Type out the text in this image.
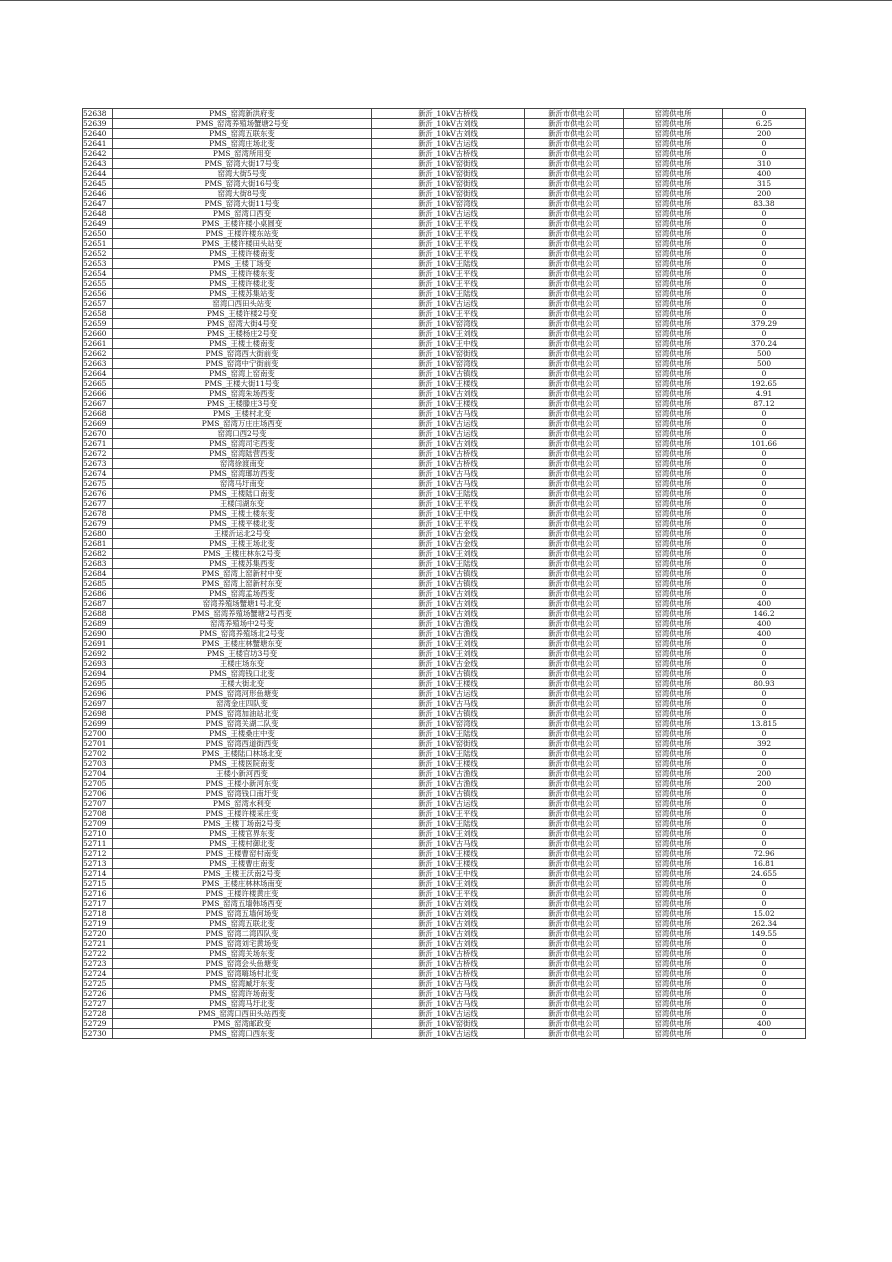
52638	PMS_窑湾新洪府变	新沂_10kV古桥线	新沂市供电公司	窑湾供电所	0
52639	PMS_窑湾养殖场蟹塘2号变	新沂_10kV古刘线	新沂市供电公司	窑湾供电所	6.25
52640	PMS_窑湾五联东变	新沂_10kV古刘线	新沂市供电公司	窑湾供电所	200
52641	PMS_窑湾庄场北变	新沂_10kV古运线	新沂市供电公司	窑湾供电所	0
52642	PMS_窑湾所用变	新沂_10kV古桥线	新沂市供电公司	窑湾供电所	0
52643	PMS_窑湾大街17号变	新沂_10kV窑街线	新沂市供电公司	窑湾供电所	310
52644	窑湾大街5号变	新沂_10kV窑街线	新沂市供电公司	窑湾供电所	400
52645	PMS_窑湾大街16号变	新沂_10kV窑街线	新沂市供电公司	窑湾供电所	315
52646	窑湾大街8号变	新沂_10kV窑街线	新沂市供电公司	窑湾供电所	200
52647	PMS_窑湾大街11号变	新沂_10kV窑湾线	新沂市供电公司	窑湾供电所	83.38
52648	PMS_窑湾口西变	新沂_10kV古运线	新沂市供电公司	窑湾供电所	0
52649	PMS_王楼许楼小桌圆变	新沂_10kV王平线	新沂市供电公司	窑湾供电所	0
52650	PMS_王楼许楼东站变	新沂_10kV王平线	新沂市供电公司	窑湾供电所	0
52651	PMS_王楼许楼田头站变	新沂_10kV王平线	新沂市供电公司	窑湾供电所	0
52652	PMS_王楼许楼南变	新沂_10kV王平线	新沂市供电公司	窑湾供电所	0
52653	PMS_王楼丁场变	新沂_10kV王陆线	新沂市供电公司	窑湾供电所	0
52654	PMS_王楼许楼东变	新沂_10kV王平线	新沂市供电公司	窑湾供电所	0
52655	PMS_王楼许楼北变	新沂_10kV王平线	新沂市供电公司	窑湾供电所	0
52656	PMS_王楼苏集站变	新沂_10kV王陆线	新沂市供电公司	窑湾供电所	0
52657	窑湾口西田头站变	新沂_10kV古运线	新沂市供电公司	窑湾供电所	0
52658	PMS_王楼许楼2号变	新沂_10kV王平线	新沂市供电公司	窑湾供电所	0
52659	PMS_窑湾大街4号变	新沂_10kV窑湾线	新沂市供电公司	窑湾供电所	379.29
52660	PMS_王楼杨庄2号变	新沂_10kV王刘线	新沂市供电公司	窑湾供电所	0
52661	PMS_王楼土楼南变	新沂_10kV王中线	新沂市供电公司	窑湾供电所	370.24
52662	PMS_窑湾西大街前变	新沂_10kV窑街线	新沂市供电公司	窑湾供电所	500
52663	PMS_窑湾中宁街前变	新沂_10kV窑湾线	新沂市供电公司	窑湾供电所	500
52664	PMS_窑湾上窑南变	新沂_10kV古镇线	新沂市供电公司	窑湾供电所	0
52665	PMS_王楼大街11号变	新沂_10kV王楼线	新沂市供电公司	窑湾供电所	192.65
52666	PMS_窑湾朱场西变	新沂_10kV古刘线	新沂市供电公司	窑湾供电所	4.91
52667	PMS_王楼滕庄3号变	新沂_10kV王楼线	新沂市供电公司	窑湾供电所	87.12
52668	PMS_王楼村北变	新沂_10kV古马线	新沂市供电公司	窑湾供电所	0
52669	PMS_窑湾万庄庄场西变	新沂_10kV古运线	新沂市供电公司	窑湾供电所	0
52670	窑湾口西2号变	新沂_10kV古运线	新沂市供电公司	窑湾供电所	0
52671	PMS_窑湾司宅西变	新沂_10kV古刘线	新沂市供电公司	窑湾供电所	101.66
52672	PMS_窑湾陆营西变	新沂_10kV古桥线	新沂市供电公司	窑湾供电所	0
52673	窑湾徐渡南变	新沂_10kV古桥线	新沂市供电公司	窑湾供电所	0
52674	PMS_窑湾瑯坊西变	新沂_10kV古马线	新沂市供电公司	窑湾供电所	0
52675	窑湾马圩南变	新沂_10kV古马线	新沂市供电公司	窑湾供电所	0
52676	PMS_王楼陆口南变	新沂_10kV王陆线	新沂市供电公司	窑湾供电所	0
52677	王楼闫湖东变	新沂_10kV王平线	新沂市供电公司	窑湾供电所	0
52678	PMS_王楼土楼东变	新沂_10kV王中线	新沂市供电公司	窑湾供电所	0
52679	PMS_王楼平楼北变	新沂_10kV王平线	新沂市供电公司	窑湾供电所	0
52680	王楼沂运北2号变	新沂_10kV古金线	新沂市供电公司	窑湾供电所	0
52681	PMS_王楼王场北变	新沂_10kV古金线	新沂市供电公司	窑湾供电所	0
52682	PMS_王楼庄林东2号变	新沂_10kV王刘线	新沂市供电公司	窑湾供电所	0
52683	PMS_王楼苏集西变	新沂_10kV王陆线	新沂市供电公司	窑湾供电所	0
52684	PMS_窑湾上窑新村中变	新沂_10kV古镇线	新沂市供电公司	窑湾供电所	0
52685	PMS_窑湾上窑新村东变	新沂_10kV古镇线	新沂市供电公司	窑湾供电所	0
52686	PMS_窑湾孟场西变	新沂_10kV古刘线	新沂市供电公司	窑湾供电所	0
52687	窑湾养殖场蟹塘1号北变	新沂_10kV古刘线	新沂市供电公司	窑湾供电所	400
52688	PMS_窑湾养殖场蟹塘2号西变	新沂_10kV古刘线	新沂市供电公司	窑湾供电所	146.2
52689	窑湾养殖场中2号变	新沂_10kV古渔线	新沂市供电公司	窑湾供电所	400
52690	PMS_窑湾养殖场北2号变	新沂_10kV古渔线	新沂市供电公司	窑湾供电所	400
52691	PMS_王楼庄林蟹塘东变	新沂_10kV王刘线	新沂市供电公司	窑湾供电所	0
52692	PMS_王楼官坊3号变	新沂_10kV王刘线	新沂市供电公司	窑湾供电所	0
52693	王楼庄场东变	新沂_10kV古金线	新沂市供电公司	窑湾供电所	0
52694	PMS_窑湾钱口北变	新沂_10kV古镇线	新沂市供电公司	窑湾供电所	0
52695	王楼大街北变	新沂_10kV王楼线	新沂市供电公司	窑湾供电所	80.93
52696	PMS_窑湾河形鱼塘变	新沂_10kV古运线	新沂市供电公司	窑湾供电所	0
52697	窑湾金庄四队变	新沂_10kV古马线	新沂市供电公司	窑湾供电所	0
52698	PMS_窑湾加油站北变	新沂_10kV古镇线	新沂市供电公司	窑湾供电所	0
52699	PMS_窑湾关湖二队变	新沂_10kV窑湾线	新沂市供电公司	窑湾供电所	13.815
52700	PMS_王楼桑庄中变	新沂_10kV王陆线	新沂市供电公司	窑湾供电所	0
52701	PMS_窑湾西道街西变	新沂_10kV窑街线	新沂市供电公司	窑湾供电所	392
52702	PMS_王楼陆口林场北变	新沂_10kV王陆线	新沂市供电公司	窑湾供电所	0
52703	PMS_王楼医院南变	新沂_10kV王楼线	新沂市供电公司	窑湾供电所	0
52704	王楼小新河西变	新沂_10kV古渔线	新沂市供电公司	窑湾供电所	200
52705	PMS_王楼小新河东变	新沂_10kV古渔线	新沂市供电公司	窑湾供电所	200
52706	PMS_窑湾钱口南圩变	新沂_10kV古镇线	新沂市供电公司	窑湾供电所	0
52707	PMS_窑湾水利变	新沂_10kV古运线	新沂市供电公司	窑湾供电所	0
52708	PMS_王楼许楼采庄变	新沂_10kV王平线	新沂市供电公司	窑湾供电所	0
52709	PMS_王楼丁场南2号变	新沂_10kV王陆线	新沂市供电公司	窑湾供电所	0
52710	PMS_王楼官界东变	新沂_10kV王刘线	新沂市供电公司	窑湾供电所	0
52711	PMS_王楼村御北变	新沂_10kV古马线	新沂市供电公司	窑湾供电所	0
52712	PMS_王楼曹窑村南变	新沂_10kV王楼线	新沂市供电公司	窑湾供电所	72.96
52713	PMS_王楼曹庄南变	新沂_10kV王楼线	新沂市供电公司	窑湾供电所	16.81
52714	PMS_王楼王沃南2号变	新沂_10kV王中线	新沂市供电公司	窑湾供电所	24.655
52715	PMS_王楼庄林林场南变	新沂_10kV王刘线	新沂市供电公司	窑湾供电所	0
52716	PMS_王楼许楼黄庄变	新沂_10kV王平线	新沂市供电公司	窑湾供电所	0
52717	PMS_窑湾五墙韩场西变	新沂_10kV古刘线	新沂市供电公司	窑湾供电所	0
52718	PMS_窑湾五墙何场变	新沂_10kV古刘线	新沂市供电公司	窑湾供电所	15.02
52719	PMS_窑湾五联北变	新沂_10kV古刘线	新沂市供电公司	窑湾供电所	262.34
52720	PMS_窑湾二湾四队变	新沂_10kV古刘线	新沂市供电公司	窑湾供电所	149.55
52721	PMS_窑湾刘宅黄场变	新沂_10kV古刘线	新沂市供电公司	窑湾供电所	0
52722	PMS_窑湾关场东变	新沂_10kV古桥线	新沂市供电公司	窑湾供电所	0
52723	PMS_窑湾会头鱼塘变	新沂_10kV古桥线	新沂市供电公司	窑湾供电所	0
52724	PMS_窑湾嗨场村北变	新沂_10kV古桥线	新沂市供电公司	窑湾供电所	0
52725	PMS_窑湾臧圩东变	新沂_10kV古马线	新沂市供电公司	窑湾供电所	0
52726	PMS_窑湾许场南变	新沂_10kV古马线	新沂市供电公司	窑湾供电所	0
52727	PMS_窑湾马圩北变	新沂_10kV古马线	新沂市供电公司	窑湾供电所	0
52728	PMS_窑湾口西田头站西变	新沂_10kV古运线	新沂市供电公司	窑湾供电所	0
52729	PMS_窑湾邮政变	新沂_10kV窑街线	新沂市供电公司	窑湾供电所	400
52730	PMS_窑湾口西东变	新沂_10kV古运线	新沂市供电公司	窑湾供电所	0
